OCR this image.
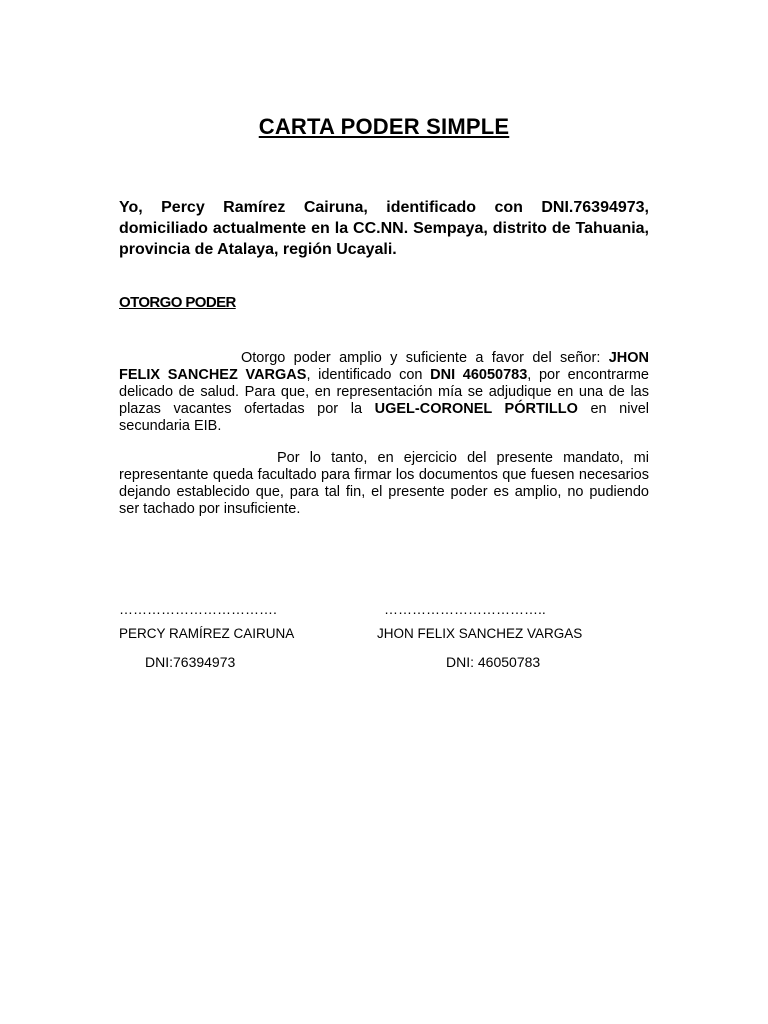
CARTA PODER SIMPLE
Yo, Percy Ramírez Cairuna, identificado con DNI.76394973, domiciliado actualmente en la CC.NN. Sempaya, distrito de Tahuania, provincia de Atalaya, región Ucayali.
OTORGO PODER
Otorgo poder amplio y suficiente a favor del señor: JHON FELIX SANCHEZ VARGAS, identificado con DNI 46050783, por encontrarme delicado de salud. Para que, en representación mía se adjudique en una de las plazas vacantes ofertadas por la UGEL-CORONEL PÓRTILLO en nivel secundaria EIB.
Por lo tanto, en ejercicio del presente mandato, mi representante queda facultado para firmar los documentos que fuesen necesarios dejando establecido que, para tal fin, el presente poder es amplio, no pudiendo ser tachado por insuficiente.
…………………………….	……………………………..
PERCY RAMÍREZ CAIRUNA	JHON FELIX SANCHEZ VARGAS
DNI:76394973	DNI: 46050783
